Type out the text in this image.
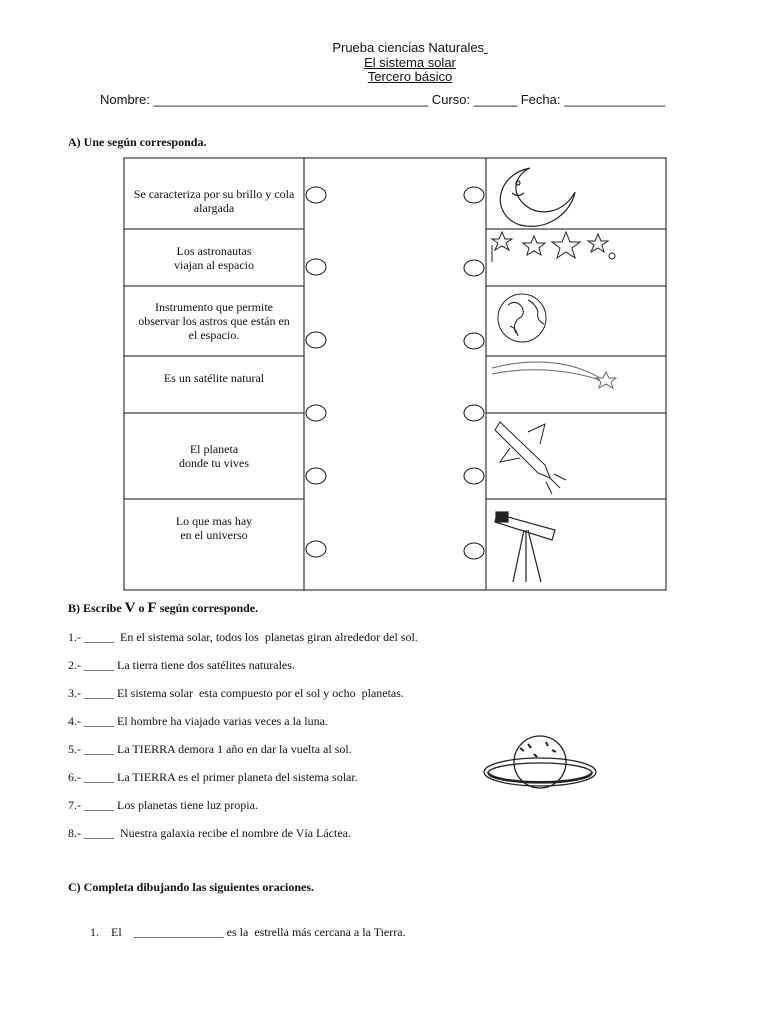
Prueba ciencias Naturales
El sistema solar
Tercero básico
Nombre: ______________________________________ Curso: ______ Fecha: ______________
A) Une según corresponda.
Se caracteriza por su brillo y cola alargada
Los astronautas viajan al espacio
Instrumento que permite observar los astros que están en el espacio.
Es un satélite natural
El planeta donde tu vives
Lo que mas hay en el universo
B) Escribe V o F según corresponde.
1.- _____  En el sistema solar, todos los  planetas giran alrededor del sol.
2.- _____ La tierra tiene dos satélites naturales.
3.- _____ El sistema solar  esta compuesto por el sol y ocho  planetas.
4.- _____ El hombre ha viajado varias veces a la luna.
5.- _____ La TIERRA demora 1 año en dar la vuelta al sol.
6.- _____ La TIERRA es el primer planeta del sistema solar.
7.- _____ Los planetas tiene luz propia.
8.- _____  Nuestra galaxia recibe el nombre de Vía Láctea.
C) Completa dibujando las siguientes oraciones.
1.    El    _______________ es la  estrella más cercana a la Tierra.
